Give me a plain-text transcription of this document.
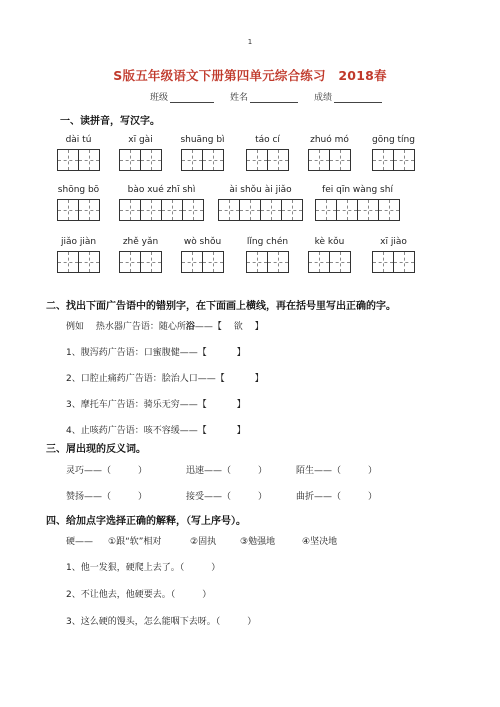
1
S版五年级语文下册第四单元综合练习　2018春
班级	姓名	成绩
一、读拼音，写汉字。
dài tú	xī gài	shuāng bì	táo cí	zhuó mó	gōng tíng
shōng bō	bào xué zhī shì	ài shǒu ài jiǎo	fei qīn wàng shí
jiǎo jiàn	zhě yǎn	wò shǒu	lǐng chén	kè kǒu	xī jiào
二、找出下面广告语中的错别字，在下面画上横线，再在括号里写出正确的字。
例如　 热水器广告语：随心所浴——【　 欲　 】
1、腹泻药广告语：口蜜腹健——【　　　 】
2、口腔止痛药广告语：脍治人口——【　　　 】
3、摩托车广告语：骑乐无穷——【　　　 】
4、止咳药广告语：咳不容缓——【　　　 】
三、屑出现的反义词。
灵巧——（　　　）	迅速——（　　　）	陌生——（　　　）
赞扬——（　　　）	接受——（　　　）	曲折——（　　　）
四、给加点字选择正确的解释，（写上序号）。
硬—— ①跟“软”相对	②固执	③勉强地	④坚决地
1、他一发狠，硬爬上去了。（　　　）
2、不让他去，他硬要去。（　　　）
3、这么硬的馒头，怎么能咽下去呀。（　　　）
